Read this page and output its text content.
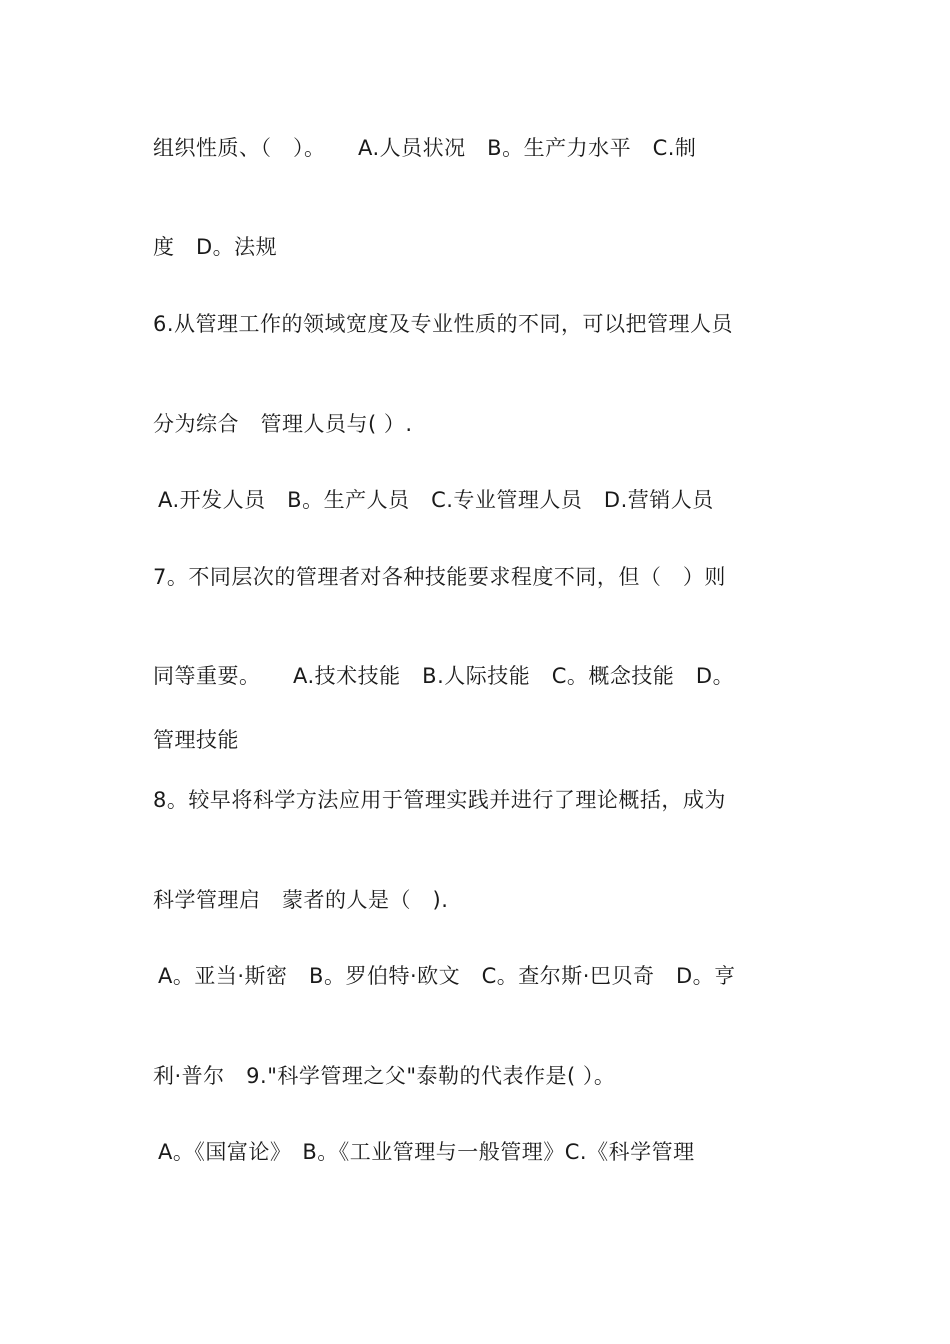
组织性质、（　）。　　A.人员状况　B。生产力水平　C.制
度　D。法规
6.从管理工作的领域宽度及专业性质的不同，可以把管理人员
分为综合　管理人员与( ）.
A.开发人员　B。生产人员　C.专业管理人员　D.营销人员
7。不同层次的管理者对各种技能要求程度不同，但（　）则
同等重要。　　A.技术技能　B.人际技能　C。概念技能　D。
管理技能
8。较早将科学方法应用于管理实践并进行了理论概括，成为
科学管理启　蒙者的人是（　).
A。亚当·斯密　B。罗伯特·欧文　C。查尔斯·巴贝奇　D。亨
利·普尔　9."科学管理之父"泰勒的代表作是( ）。
A。《国富论》　B。《工业管理与一般管理》C.《科学管理
